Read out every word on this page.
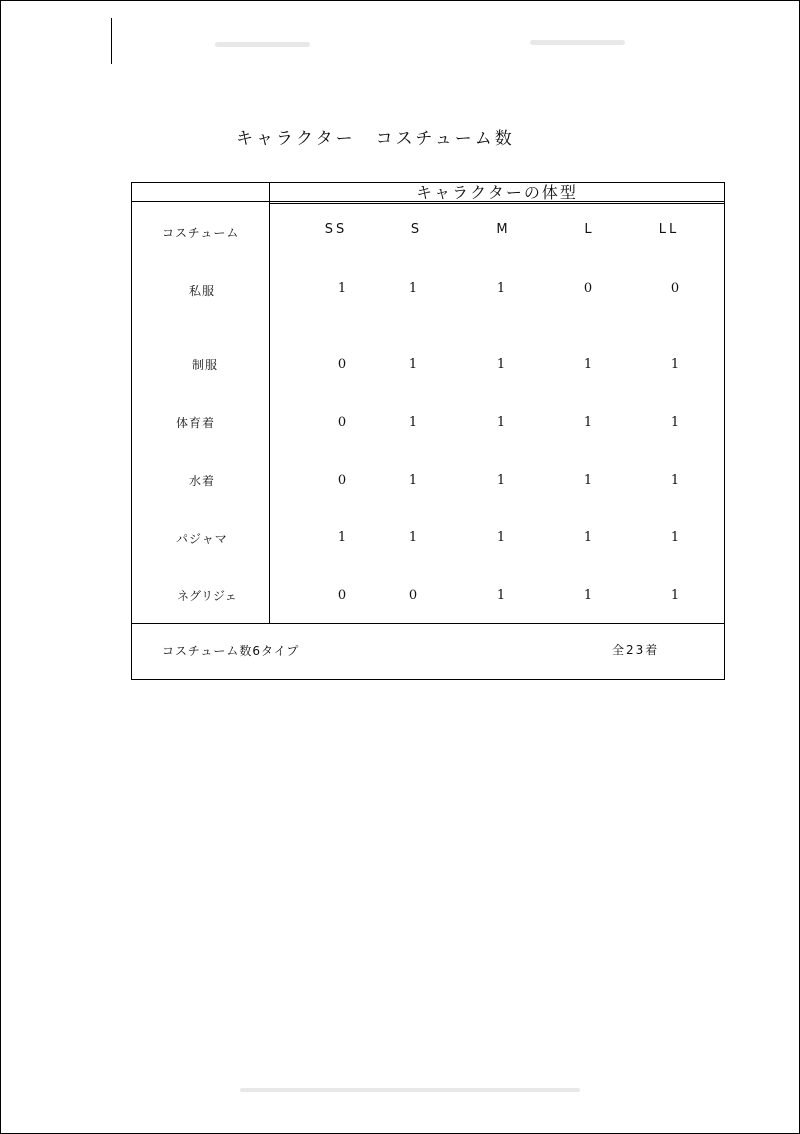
キャラクター　コスチューム数
キャラクターの体型
コスチューム	SS	S	M	L	LL
私服	1	1	1	0	0
制服	0	1	1	1	1
体育着	0	1	1	1	1
水着	0	1	1	1	1
パジャマ	1	1	1	1	1
ネグリジェ	0	0	1	1	1
コスチューム数6タイプ	全23着
